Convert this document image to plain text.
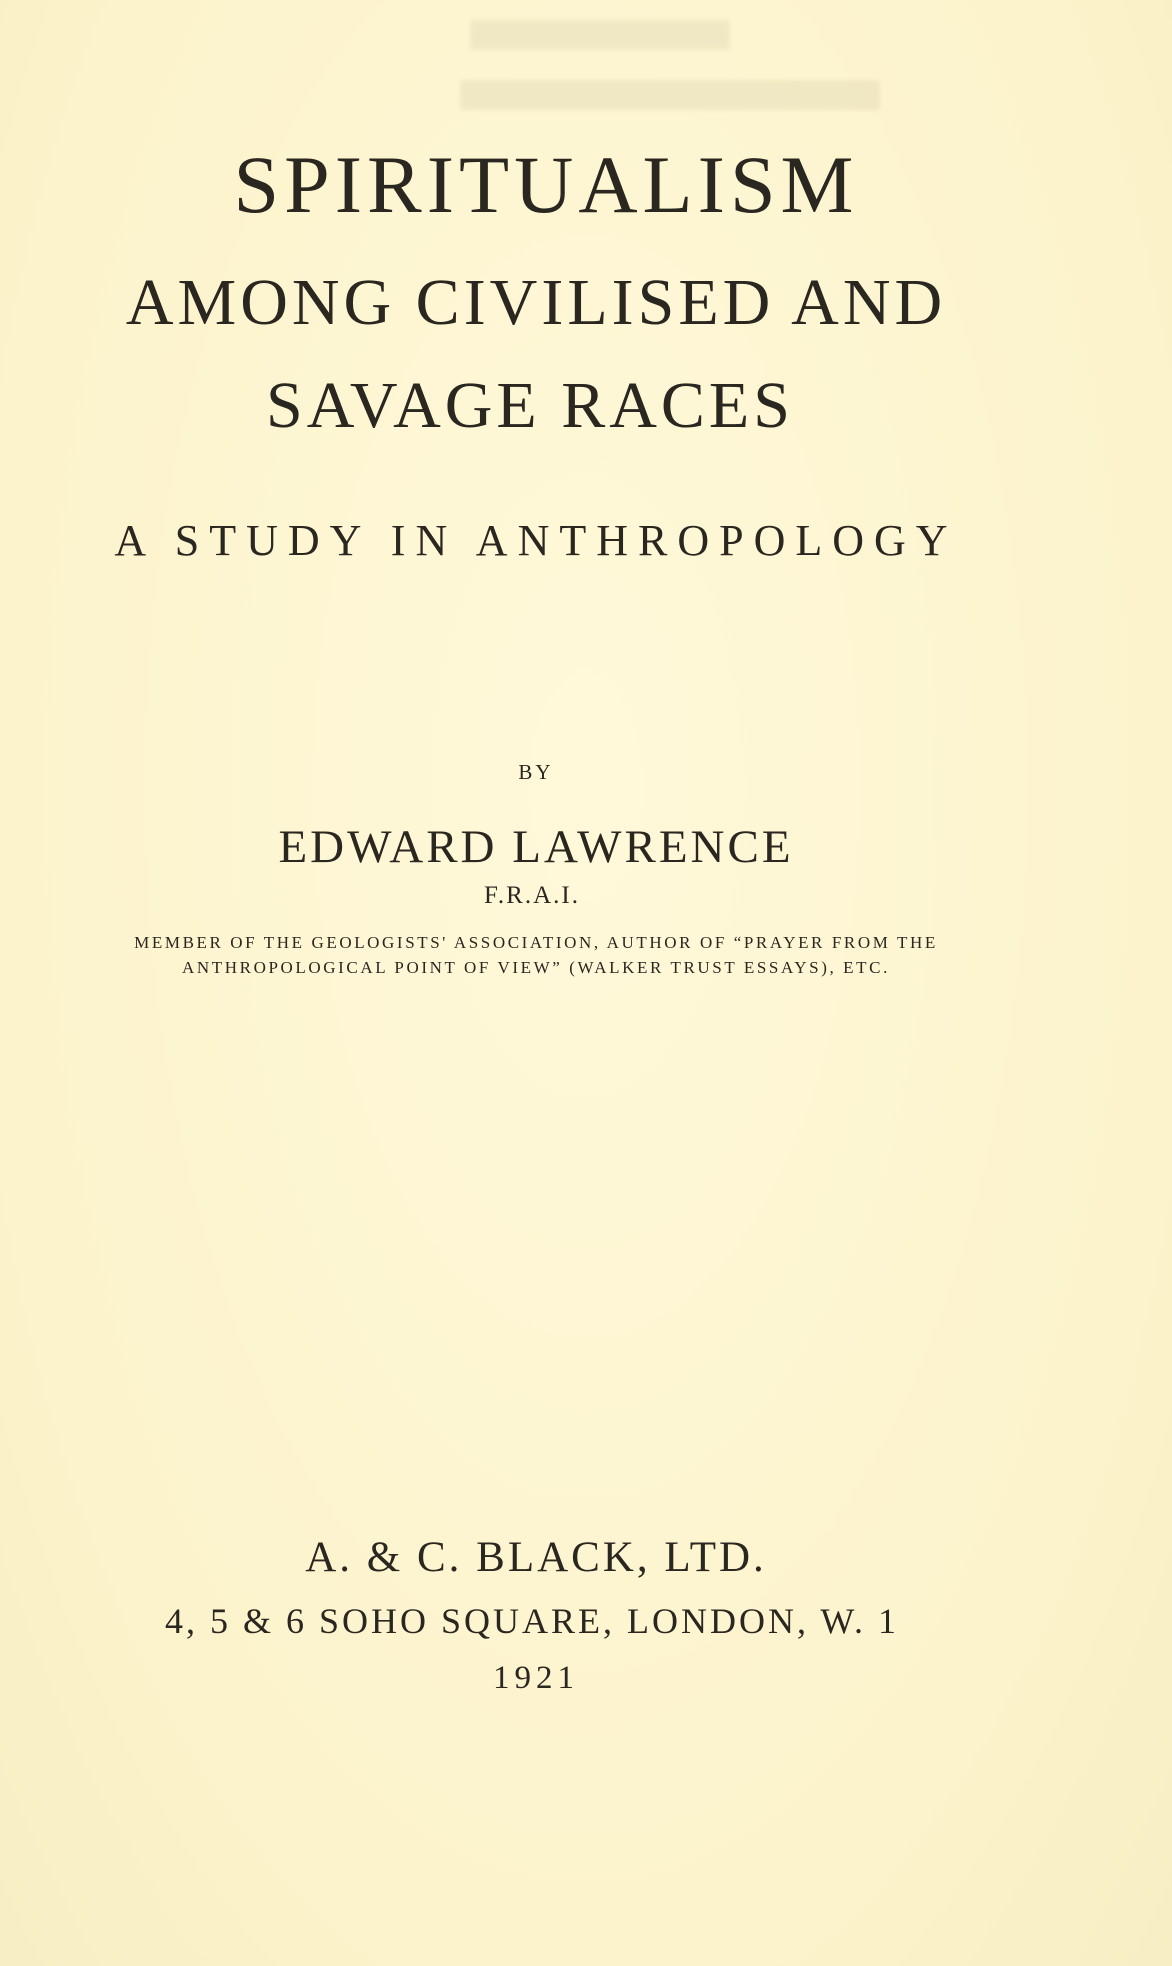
SPIRITUALISM
AMONG CIVILISED AND
SAVAGE RACES
A STUDY IN ANTHROPOLOGY
BY
EDWARD LAWRENCE
F.R.A.I.
MEMBER OF THE GEOLOGISTS' ASSOCIATION, AUTHOR OF “PRAYER FROM THE
ANTHROPOLOGICAL POINT OF VIEW” (WALKER TRUST ESSAYS), ETC.
A. & C. BLACK, LTD.
4, 5 & 6 SOHO SQUARE, LONDON, W. 1
1921
